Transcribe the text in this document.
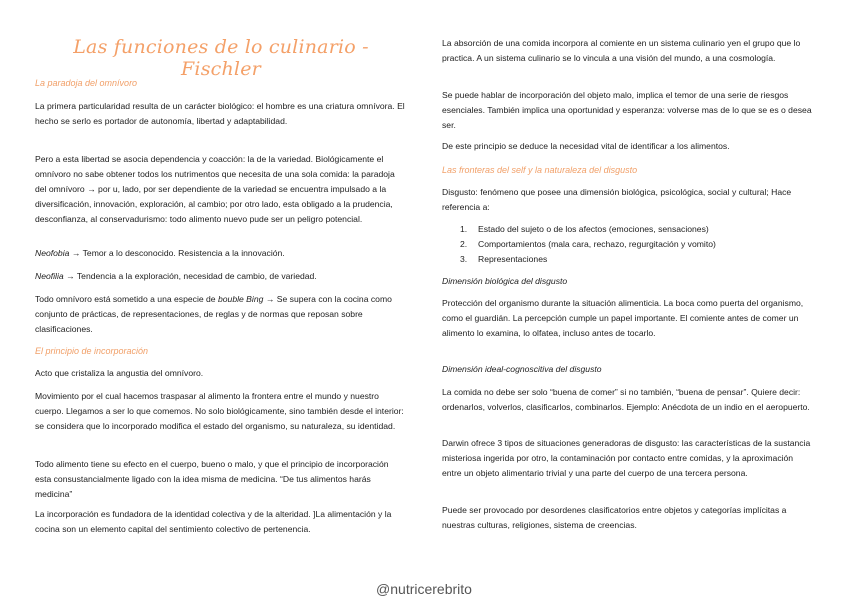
Las funciones de lo culinario - Fischler
La paradoja del omnívoro

La primera particularidad resulta de un carácter biológico: el hombre es una criatura omnívora. El hecho se serlo es portador de autonomía, libertad y adaptabilidad.

Pero a esta libertad se asocia dependencia y coacción: la de la variedad. Biológicamente el omnívoro no sabe obtener todos los nutrimentos que necesita de una sola comida: la paradoja del omnívoro → por u, lado, por ser dependiente de la variedad se encuentra impulsado a la diversificación, innovación, exploración, al cambio; por otro lado, esta obligado a la prudencia, desconfianza, al conservadurismo: todo alimento nuevo pude ser un peligro potencial.

Neofobia → Temor a lo desconocido. Resistencia a la innovación.

Neofilia → Tendencia a la exploración, necesidad de cambio, de variedad.

Todo omnívoro está sometido a una especie de bouble Bing → Se supera con la cocina como conjunto de prácticas, de representaciones, de reglas y de normas que reposan sobre clasificaciones.

El principio de incorporación

Acto que cristaliza la angustia del omnívoro.

Movimiento por el cual hacemos traspasar al alimento la frontera entre el mundo y nuestro cuerpo. Llegamos a ser lo que comemos. No solo biológicamente, sino también desde el interior: se considera que lo incorporado modifica el estado del organismo, su naturaleza, su identidad.

Todo alimento tiene su efecto en el cuerpo, bueno o malo, y que el principio de incorporación esta consustancialmente ligado con la idea misma de medicina. “De tus alimentos harás medicina”

La incorporación es fundadora de la identidad colectiva y de la alteridad. ]La alimentación y la cocina son un elemento capital del sentimiento colectivo de pertenencia.

La absorción de una comida incorpora al comiente en un sistema culinario yen el grupo que lo practica. A un sistema culinario se lo vincula a una visión del mundo, a una cosmología.

Se puede hablar de incorporación del objeto malo, implica el temor de una serie de riesgos esenciales. También implica una oportunidad y esperanza: volverse mas de lo que se es o desea ser.

De este principio se deduce la necesidad vital de identificar a los alimentos.

Las fronteras del self y la naturaleza del disgusto

Disgusto: fenómeno que posee una dimensión biológica, psicológica, social y cultural; Hace referencia a:

1. Estado del sujeto o de los afectos (emociones, sensaciones)
2. Comportamientos (mala cara, rechazo, regurgitación y vomito)
3. Representaciones
Dimensión biológica del disgusto

Protección del organismo durante la situación alimenticia. La boca como puerta del organismo, como el guardián. La percepción cumple un papel importante. El comiente antes de comer un alimento lo examina, lo olfatea, incluso antes de tocarlo.

Dimensión ideal-cognoscitiva del disgusto

La comida no debe ser solo “buena de comer” si no también, “buena de pensar”. Quiere decir: ordenarlos, volverlos, clasificarlos, combinarlos. Ejemplo: Anécdota de un indio en el aeropuerto.

Darwin ofrece 3 tipos de situaciones generadoras de disgusto: las características de la sustancia misteriosa ingerida por otro, la contaminación por contacto entre comidas, y la aproximación entre un objeto alimentario trivial y una parte del cuerpo de una tercera persona.

Puede ser provocado por desordenes clasificatorios entre objetos y categorías implícitas a nuestras culturas, religiones, sistema de creencias.

@nutricerebrito
